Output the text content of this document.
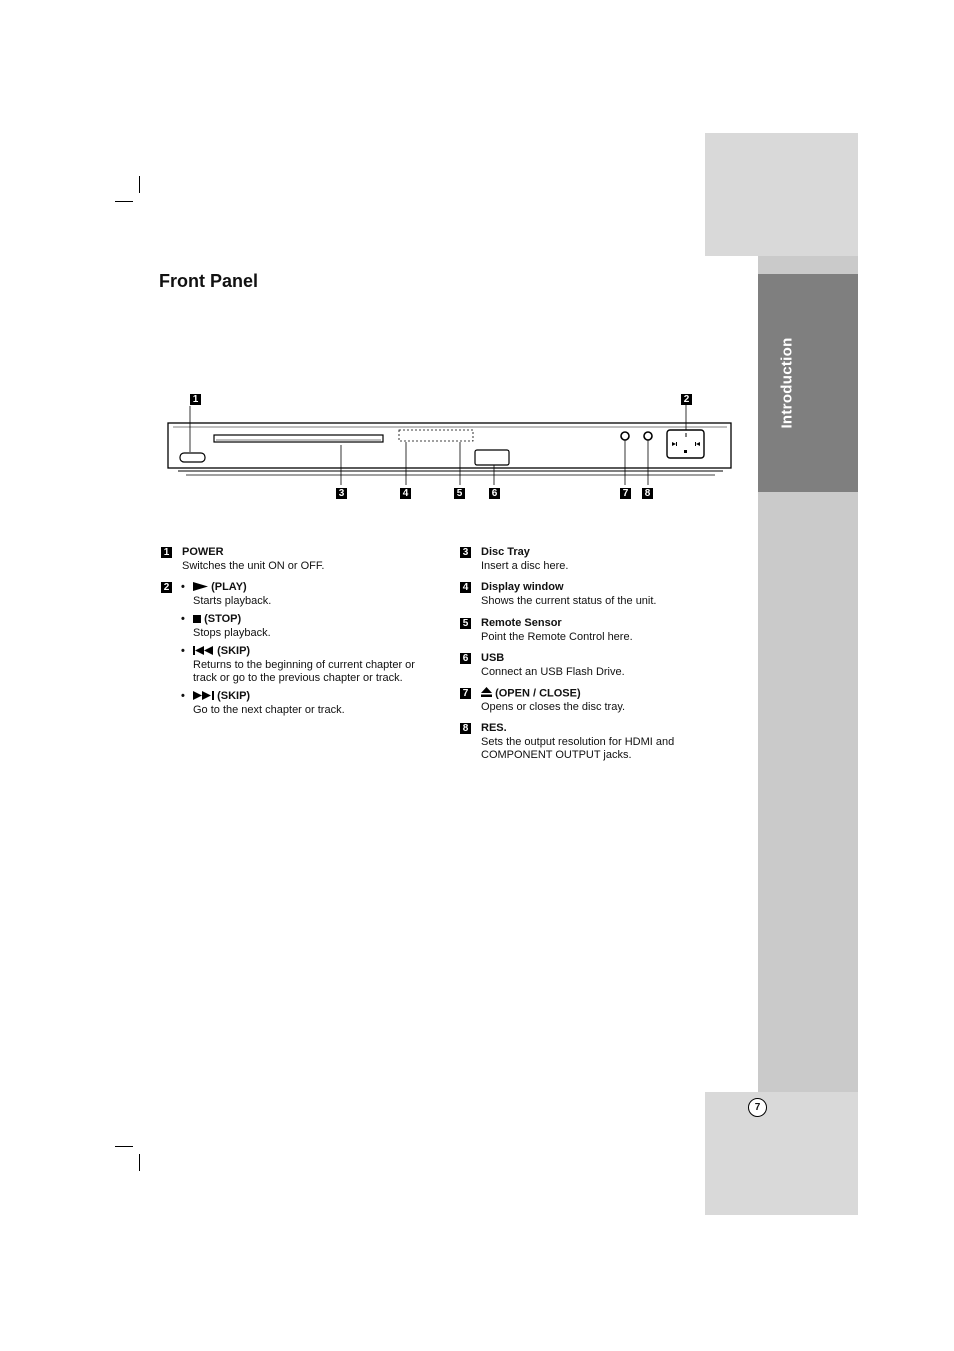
Introduction
7
Front Panel
1	2
3	4	5	6	7 8
1 POWER
Switches the unit ON or OFF.
2 •	(PLAY)
Starts playback.
•	(STOP)
Stops playback.
•	(SKIP)
Returns to the beginning of current chapter or
track or go to the previous chapter or track.
•	(SKIP)
Go to the next chapter or track.
3 Disc Tray
Insert a disc here.
4 Display window
Shows the current status of the unit.
5 Remote Sensor
Point the Remote Control here.
6 USB
Connect an USB Flash Drive.
7	(OPEN / CLOSE)
Opens or closes the disc tray.
8 RES.
Sets the output resolution for HDMI and
COMPONENT OUTPUT jacks.
